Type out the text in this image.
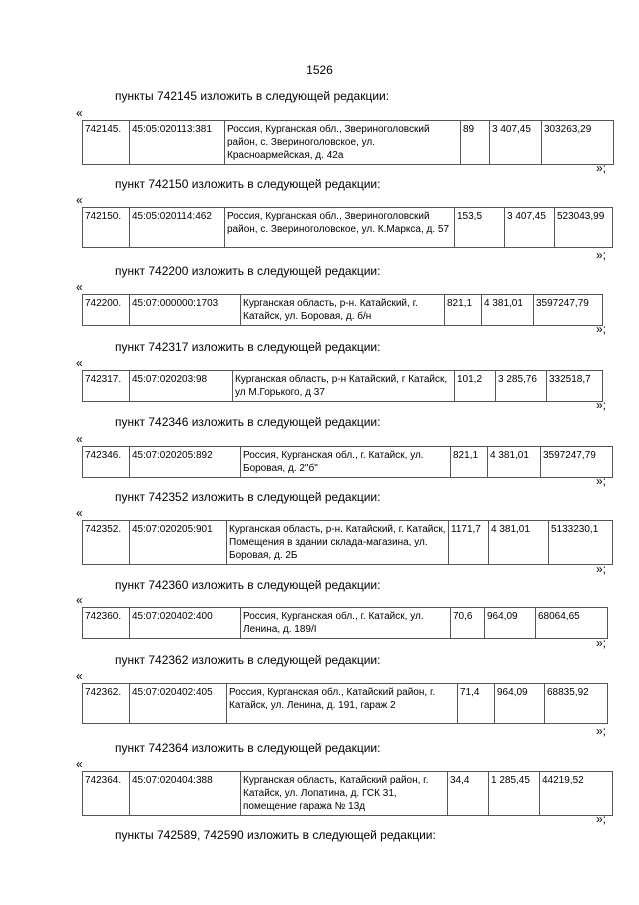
1526
пункты 742145 изложить в следующей редакции:
«
742145.	45:05:020113:381	Россия, Курганская обл., Звериноголовский район, с. Звериноголовское, ул. Красноармейская, д. 42а	89	3 407,45	303263,29
»;
пункт 742150 изложить в следующей редакции:
«
742150.	45:05:020114:462	Россия, Курганская обл., Звериноголовский район, с. Звериноголовское, ул. К.Маркса, д. 57	153,5	3 407,45	523043,99
»;
пункт 742200 изложить в следующей редакции:
«
742200.	45:07:000000:1703	Курганская область, р-н. Катайский, г. Катайск, ул. Боровая, д. б/н	821,1	4 381,01	3597247,79
»;
пункт 742317 изложить в следующей редакции:
«
742317.	45:07:020203:98	Курганская область, р-н Катайский, г Катайск, ул М.Горького, д 37	101,2	3 285,76	332518,7
»;
пункт 742346 изложить в следующей редакции:
«
742346.	45:07:020205:892	Россия, Курганская обл., г. Катайск, ул. Боровая, д. 2"б"	821,1	4 381,01	3597247,79
»;
пункт 742352 изложить в следующей редакции:
«
742352.	45:07:020205:901	Курганская область, р-н. Катайский, г. Катайск, Помещения в здании склада-магазина, ул. Боровая, д. 2Б	1171,7	4 381,01	5133230,1
»;
пункт 742360 изложить в следующей редакции:
«
742360.	45:07:020402:400	Россия, Курганская обл., г. Катайск, ул. Ленина, д. 189/I	70,6	964,09	68064,65
»;
пункт 742362 изложить в следующей редакции:
«
742362.	45:07:020402:405	Россия, Курганская обл., Катайский район, г. Катайск, ул. Ленина, д. 191, гараж 2	71,4	964,09	68835,92
»;
пункт 742364 изложить в следующей редакции:
«
742364.	45:07:020404:388	Курганская область, Катайский район, г. Катайск, ул. Лопатина, д. ГСК 31, помещение гаража № 13д	34,4	1 285,45	44219,52
»;
пункты 742589, 742590 изложить в следующей редакции:
